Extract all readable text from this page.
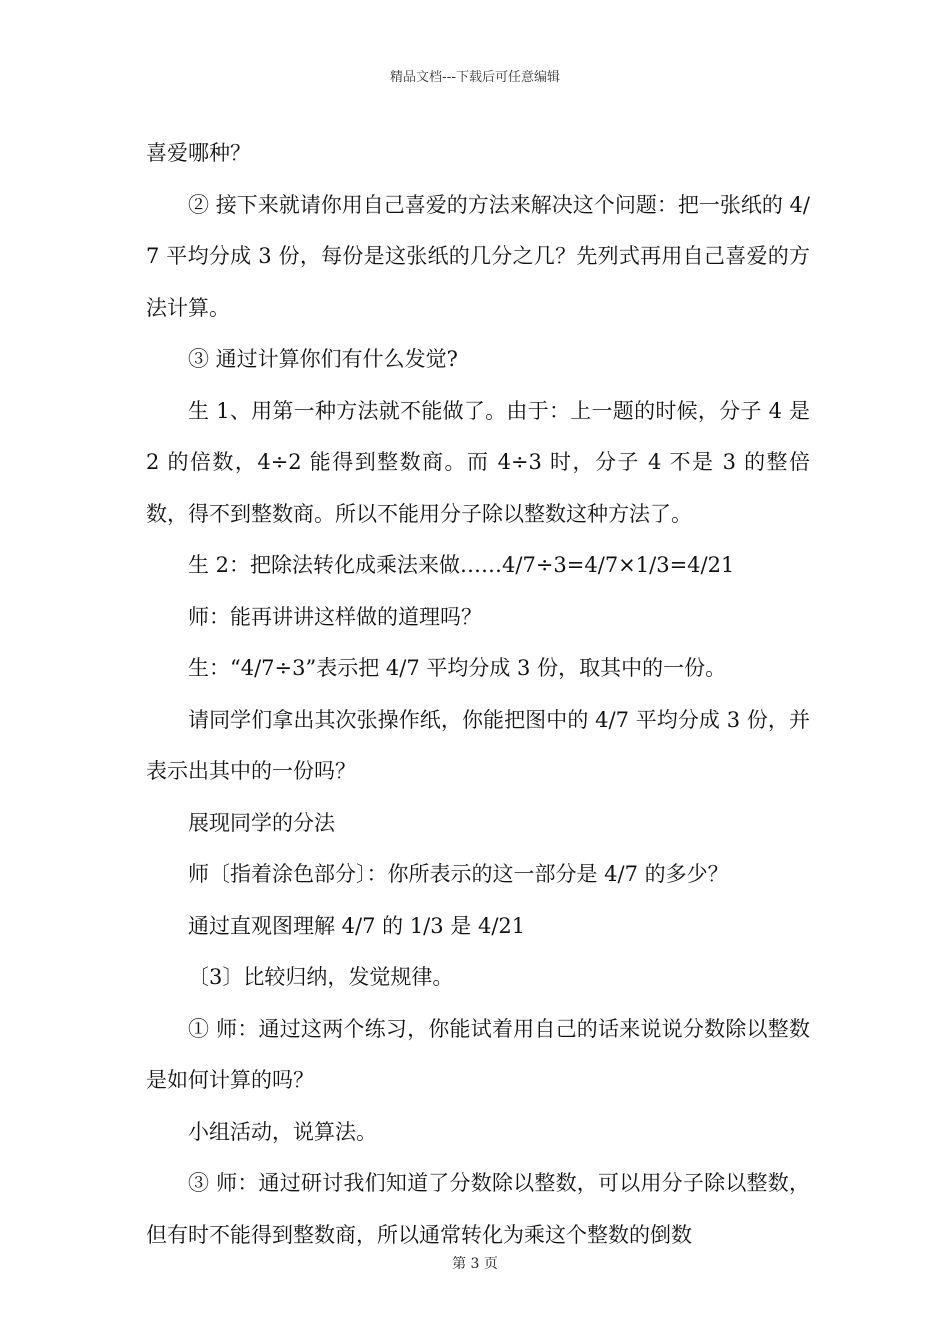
精品文档---下载后可任意编辑

喜爱哪种？

② 接下来就请你用自己喜爱的方法来解决这个问题：把一张纸的 4/7 平均分成 3 份，每份是这张纸的几分之几？先列式再用自己喜爱的方法计算。

③ 通过计算你们有什么发觉?

生 1、用第一种方法就不能做了。由于：上一题的时候，分子 4 是 2 的倍数，4÷2 能得到整数商。而 4÷3 时，分子 4 不是 3 的整倍数，得不到整数商。所以不能用分子除以整数这种方法了。

生 2：把除法转化成乘法来做……4/7÷3=4/7×1/3=4/21

师：能再讲讲这样做的道理吗？

生：“4/7÷3”表示把 4/7 平均分成 3 份，取其中的一份。

请同学们拿出其次张操作纸，你能把图中的 4/7 平均分成 3 份，并表示出其中的一份吗？

展现同学的分法

师〔指着涂色部分〕：你所表示的这一部分是 4/7 的多少？

通过直观图理解 4/7 的 1/3 是 4/21

〔3〕比较归纳，发觉规律。

① 师：通过这两个练习，你能试着用自己的话来说说分数除以整数是如何计算的吗？

小组活动，说算法。

③ 师：通过研讨我们知道了分数除以整数，可以用分子除以整数，但有时不能得到整数商，所以通常转化为乘这个整数的倒数

第 3 页
